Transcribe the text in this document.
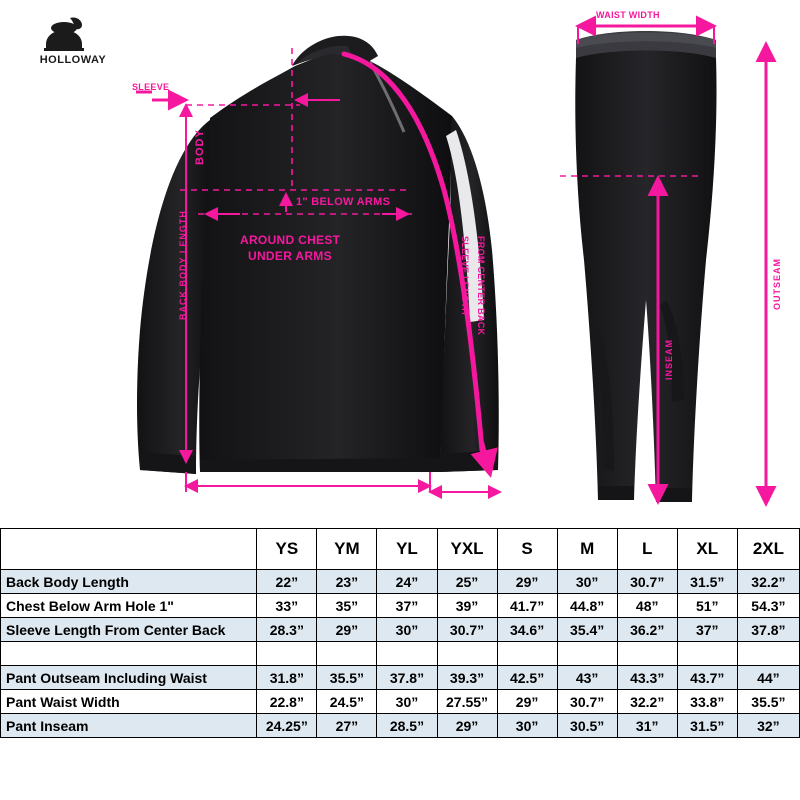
HOLLOWAY
BODY
1" BELOW ARMS
AROUND CHEST
UNDER ARMS
SLEEVE
SLEEVE LENGTH FROM CENTER BACK
BACK BODY LENGTH
WAIST WIDTH
OUTSEAM
INSEAM
	YS	YM	YL	YXL	S	M	L	XL	2XL
Back Body Length	22”	23”	24”	25”	29”	30”	30.7”	31.5”	32.2”
Chest Below Arm Hole 1"	33”	35”	37”	39”	41.7”	44.8”	48”	51”	54.3”
Sleeve Length From Center Back	28.3”	29”	30”	30.7”	34.6”	35.4”	36.2”	37”	37.8”

Pant Outseam Including Waist	31.8”	35.5”	37.8”	39.3”	42.5”	43”	43.3”	43.7”	44”
Pant Waist Width	22.8”	24.5”	30”	27.55”	29”	30.7”	32.2”	33.8”	35.5”
Pant Inseam	24.25”	27”	28.5”	29”	30”	30.5”	31”	31.5”	32”
